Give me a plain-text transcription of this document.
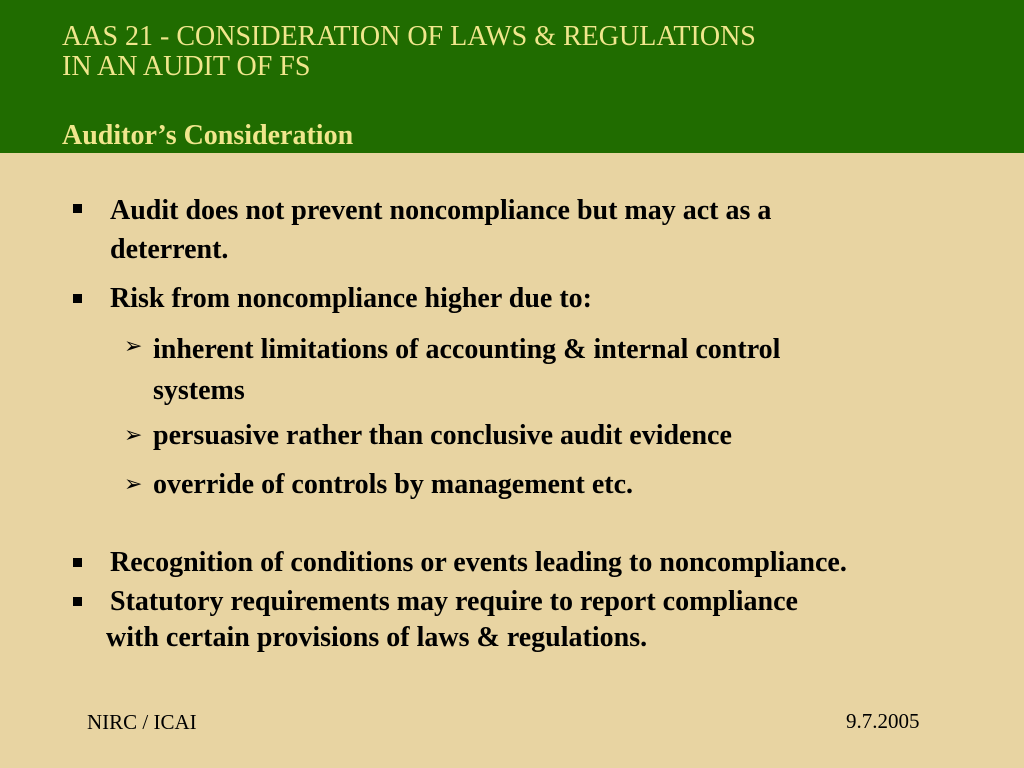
AAS 21 - CONSIDERATION OF LAWS & REGULATIONS
IN AN AUDIT OF FS
Auditor’s Consideration
Audit does not prevent noncompliance but may act as a
deterrent.
Risk from noncompliance higher due to:
➢ inherent limitations of accounting & internal control
systems
➢ persuasive rather than conclusive audit evidence
➢ override of controls by management etc.
Recognition of conditions or events leading to noncompliance.
Statutory requirements may require to report compliance
with certain provisions of laws & regulations.
NIRC / ICAI	9.7.2005
